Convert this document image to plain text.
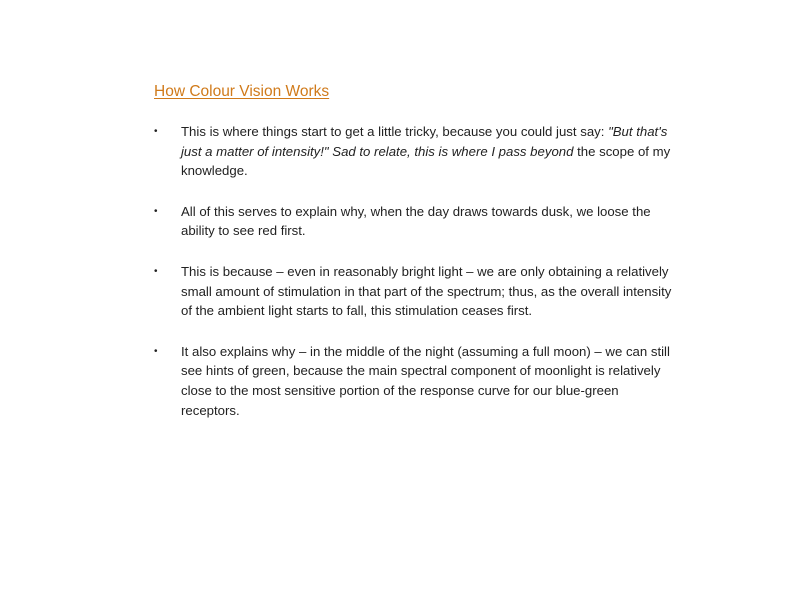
How Colour Vision Works
• This is where things start to get a little tricky, because you could just say: "But that's just a matter of intensity!" Sad to relate, this is where I pass beyond the scope of my knowledge.
• All of this serves to explain why, when the day draws towards dusk, we loose the ability to see red first.
• This is because – even in reasonably bright light – we are only obtaining a relatively small amount of stimulation in that part of the spectrum; thus, as the overall intensity of the ambient light starts to fall, this stimulation ceases first.
• It also explains why – in the middle of the night (assuming a full moon) – we can still see hints of green, because the main spectral component of moonlight is relatively close to the most sensitive portion of the response curve for our blue-green receptors.
